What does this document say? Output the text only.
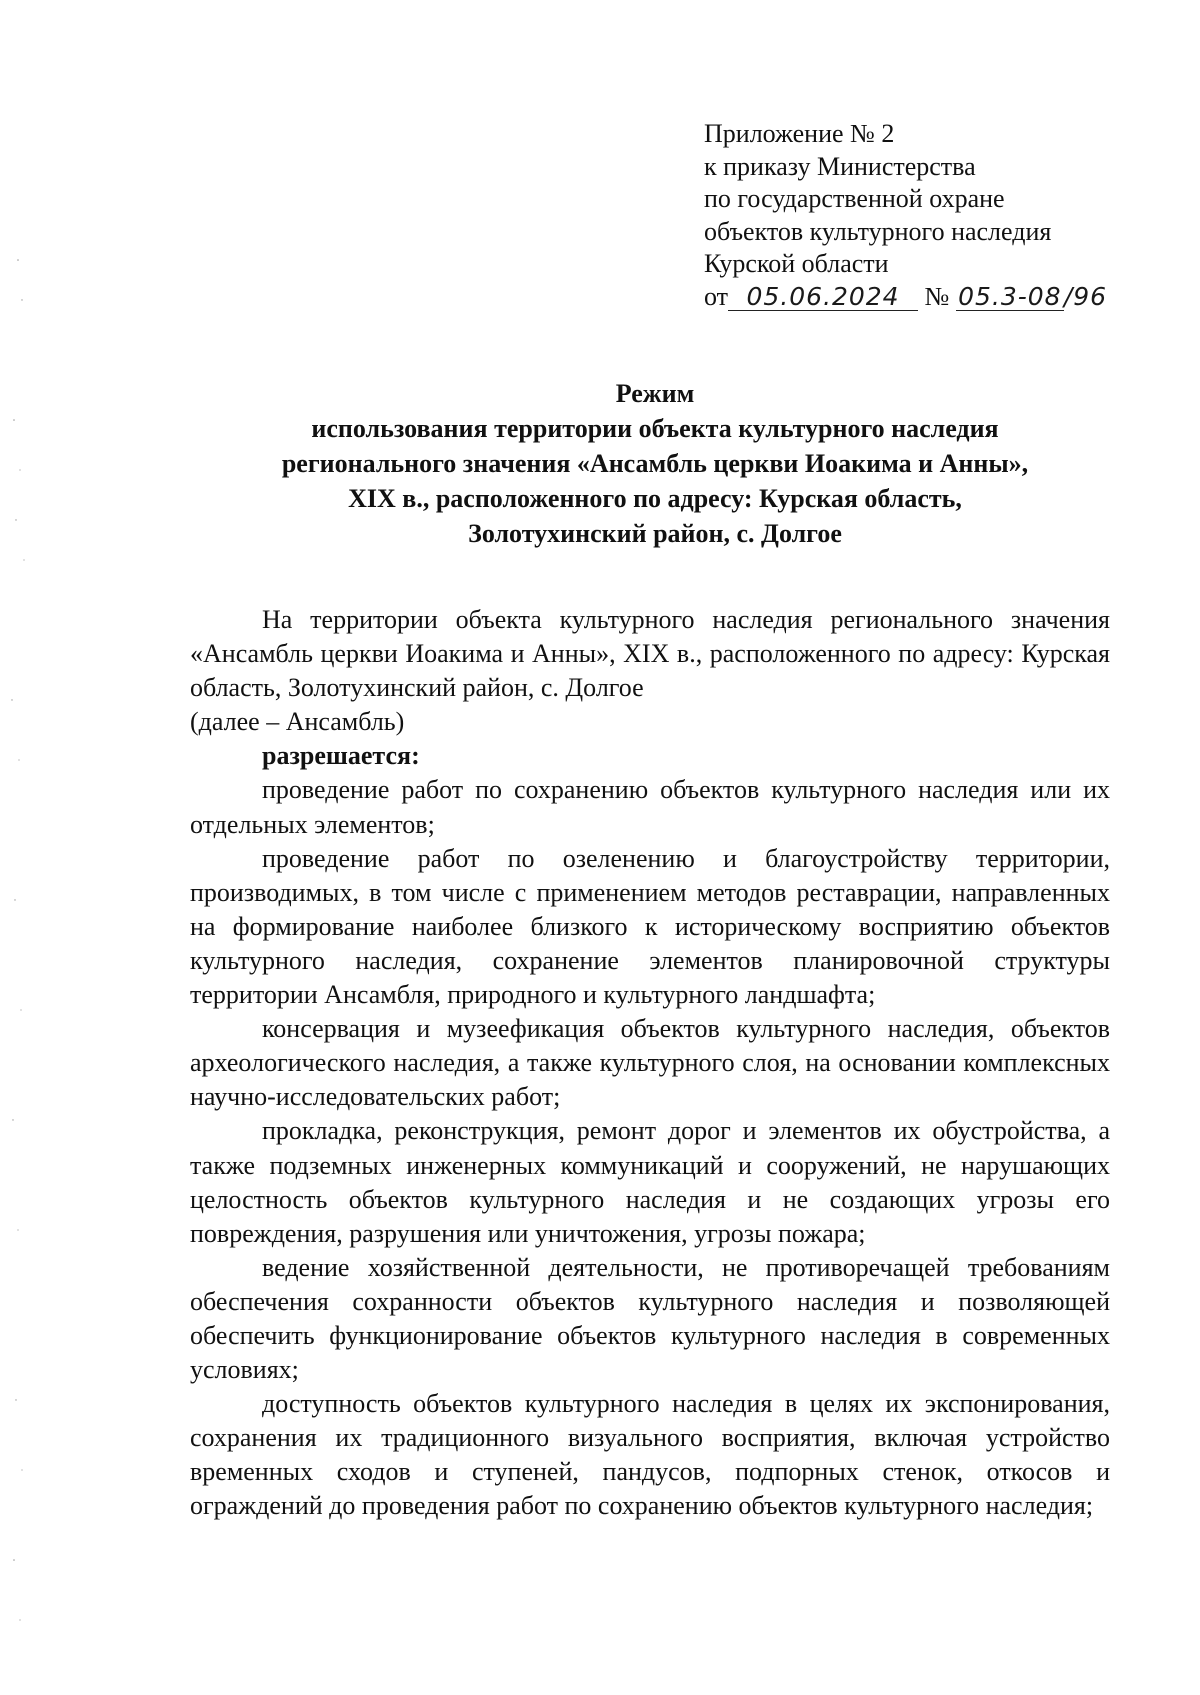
Приложение № 2
к приказу Министерства
по государственной охране
объектов культурного наследия
Курской области
от 05.06.2024 № 05.3-08/96
Режим
использования территории объекта культурного наследия
регионального значения «Ансамбль церкви Иоакима и Анны»,
XIX в., расположенного по адресу: Курская область,
Золотухинский район, с. Долгое

На территории объекта культурного наследия регионального значения «Ансамбль церкви Иоакима и Анны», XIX в., расположенного по адресу: Курская область, Золотухинский район, с. Долгое

(далее – Ансамбль)

разрешается:

проведение работ по сохранению объектов культурного наследия или их отдельных элементов;

проведение работ по озеленению и благоустройству территории, производимых, в том числе с применением методов реставрации, направленных на формирование наиболее близкого к историческому восприятию объектов культурного наследия, сохранение элементов планировочной структуры территории Ансамбля, природного и культурного ландшафта;

консервация и музеефикация объектов культурного наследия, объектов археологического наследия, а также культурного слоя, на основании комплексных научно-исследовательских работ;

прокладка, реконструкция, ремонт дорог и элементов их обустройства, а также подземных инженерных коммуникаций и сооружений, не нарушающих целостность объектов культурного наследия и не создающих угрозы его повреждения, разрушения или уничтожения, угрозы пожара;

ведение хозяйственной деятельности, не противоречащей требованиям обеспечения сохранности объектов культурного наследия и позволяющей обеспечить функционирование объектов культурного наследия в современных условиях;

доступность объектов культурного наследия в целях их экспонирования, сохранения их традиционного визуального восприятия, включая устройство временных сходов и ступеней, пандусов, подпорных стенок, откосов и ограждений до проведения работ по сохранению объектов культурного наследия;
